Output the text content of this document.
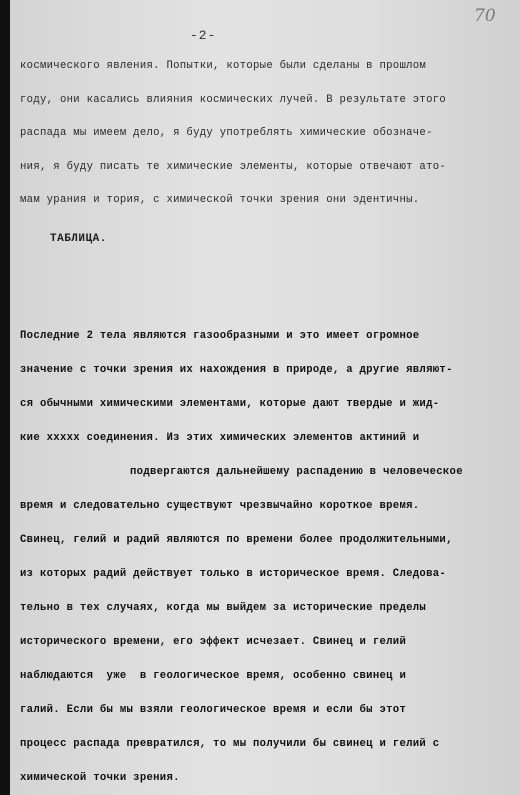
70
-2-
космического явления. Попытки, которые были сделаны в прошлом
году, они касались влияния космических лучей. В результате этого
распада мы имеем дело, я буду употреблять химические обозначе-
ния, я буду писать те химические элементы, которые отвечают ато-
мам урания и тория, с химической точки зрения они эдентичны.
ТАБЛИЦА.
Последние 2 тела являются газообразными и это имеет огромное
значение с точки зрения их нахождения в природе, а другие являют-
ся обычными химическими элементами, которые дают твердые и жид-
кие ххххх соединения. Из этих химических элементов актиний и
подвергаются дальнейшему распадению в человеческое
время и следовательно существуют чрезвычайно короткое время.
Свинец, гелий и радий являются по времени более продолжительными,
из которых радий действует только в историческое время. Следова-
тельно в тех случаях, когда мы выйдем за исторические пределы
исторического времени, его эффект исчезает. Свинец и гелий
наблюдаются  уже  в геологическое время, особенно свинец и
галий. Если бы мы взяли геологическое время и если бы этот
процесс распада превратился, то мы получили бы свинец и гелий с
химической точки зрения.
